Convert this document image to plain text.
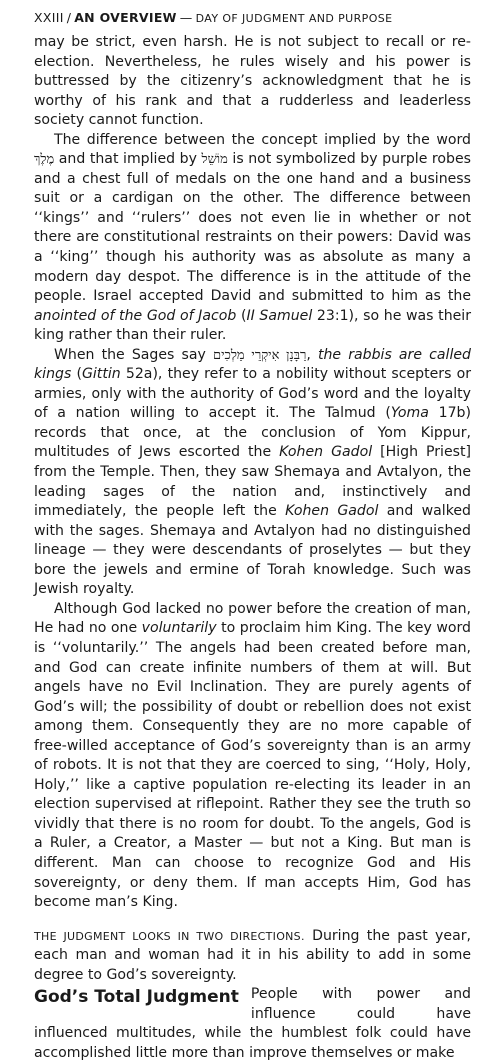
XXIII / AN OVERVIEW — DAY OF JUDGMENT AND PURPOSE

may be strict, even harsh. He is not subject to recall or re-election. Nevertheless, he rules wisely and his power is buttressed by the citizenry’s acknowledgment that he is worthy of his rank and that a rudderless and leaderless society cannot function.

The difference between the concept implied by the word מֶלֶךְ and that implied by מוֹשֵׁל is not symbolized by purple robes and a chest full of medals on the one hand and a business suit or a cardigan on the other. The difference between ‘‘kings’’ and ‘‘rulers’’ does not even lie in whether or not there are constitutional restraints on their powers: David was a ‘‘king’’ though his authority was as absolute as many a modern day despot. The difference is in the attitude of the people. Israel accepted David and submitted to him as the anointed of the God of Jacob (II Samuel 23:1), so he was their king rather than their ruler.

When the Sages say רַבָּנָן אִיקְרֵי מַלְכִים, the rabbis are called kings (Gittin 52a), they refer to a nobility without scepters or armies, only with the authority of God’s word and the loyalty of a nation willing to accept it. The Talmud (Yoma 17b) records that once, at the conclusion of Yom Kippur, multitudes of Jews escorted the Kohen Gadol [High Priest] from the Temple. Then, they saw Shemaya and Avtalyon, the leading sages of the nation and, instinctively and immediately, the people left the Kohen Gadol and walked with the sages. Shemaya and Avtalyon had no distinguished lineage — they were descendants of proselytes — but they bore the jewels and ermine of Torah knowledge. Such was Jewish royalty.

Although God lacked no power before the creation of man, He had no one voluntarily to proclaim him King. The key word is ‘‘voluntarily.’’ The angels had been created before man, and God can create infinite numbers of them at will. But angels have no Evil Inclination. They are purely agents of God’s will; the possibility of doubt or rebellion does not exist among them. Consequently they are no more capable of free-willed acceptance of God’s sovereignty than is an army of robots. It is not that they are coerced to sing, ‘‘Holy, Holy, Holy,’’ like a captive population re-electing its leader in an election supervised at riflepoint. Rather they see the truth so vividly that there is no room for doubt. To the angels, God is a Ruler, a Creator, a Master — but not a King. But man is different. Man can choose to recognize God and His sovereignty, or deny them. If man accepts Him, God has become man’s King.

THE JUDGMENT LOOKS IN TWO DIRECTIONS. During the past year, each man and woman had it in his ability to add in some degree to God’s sovereignty.

God’s Total Judgment People with power and influence could have influenced multitudes, while the humblest folk could have accomplished little more than improve themselves or make
